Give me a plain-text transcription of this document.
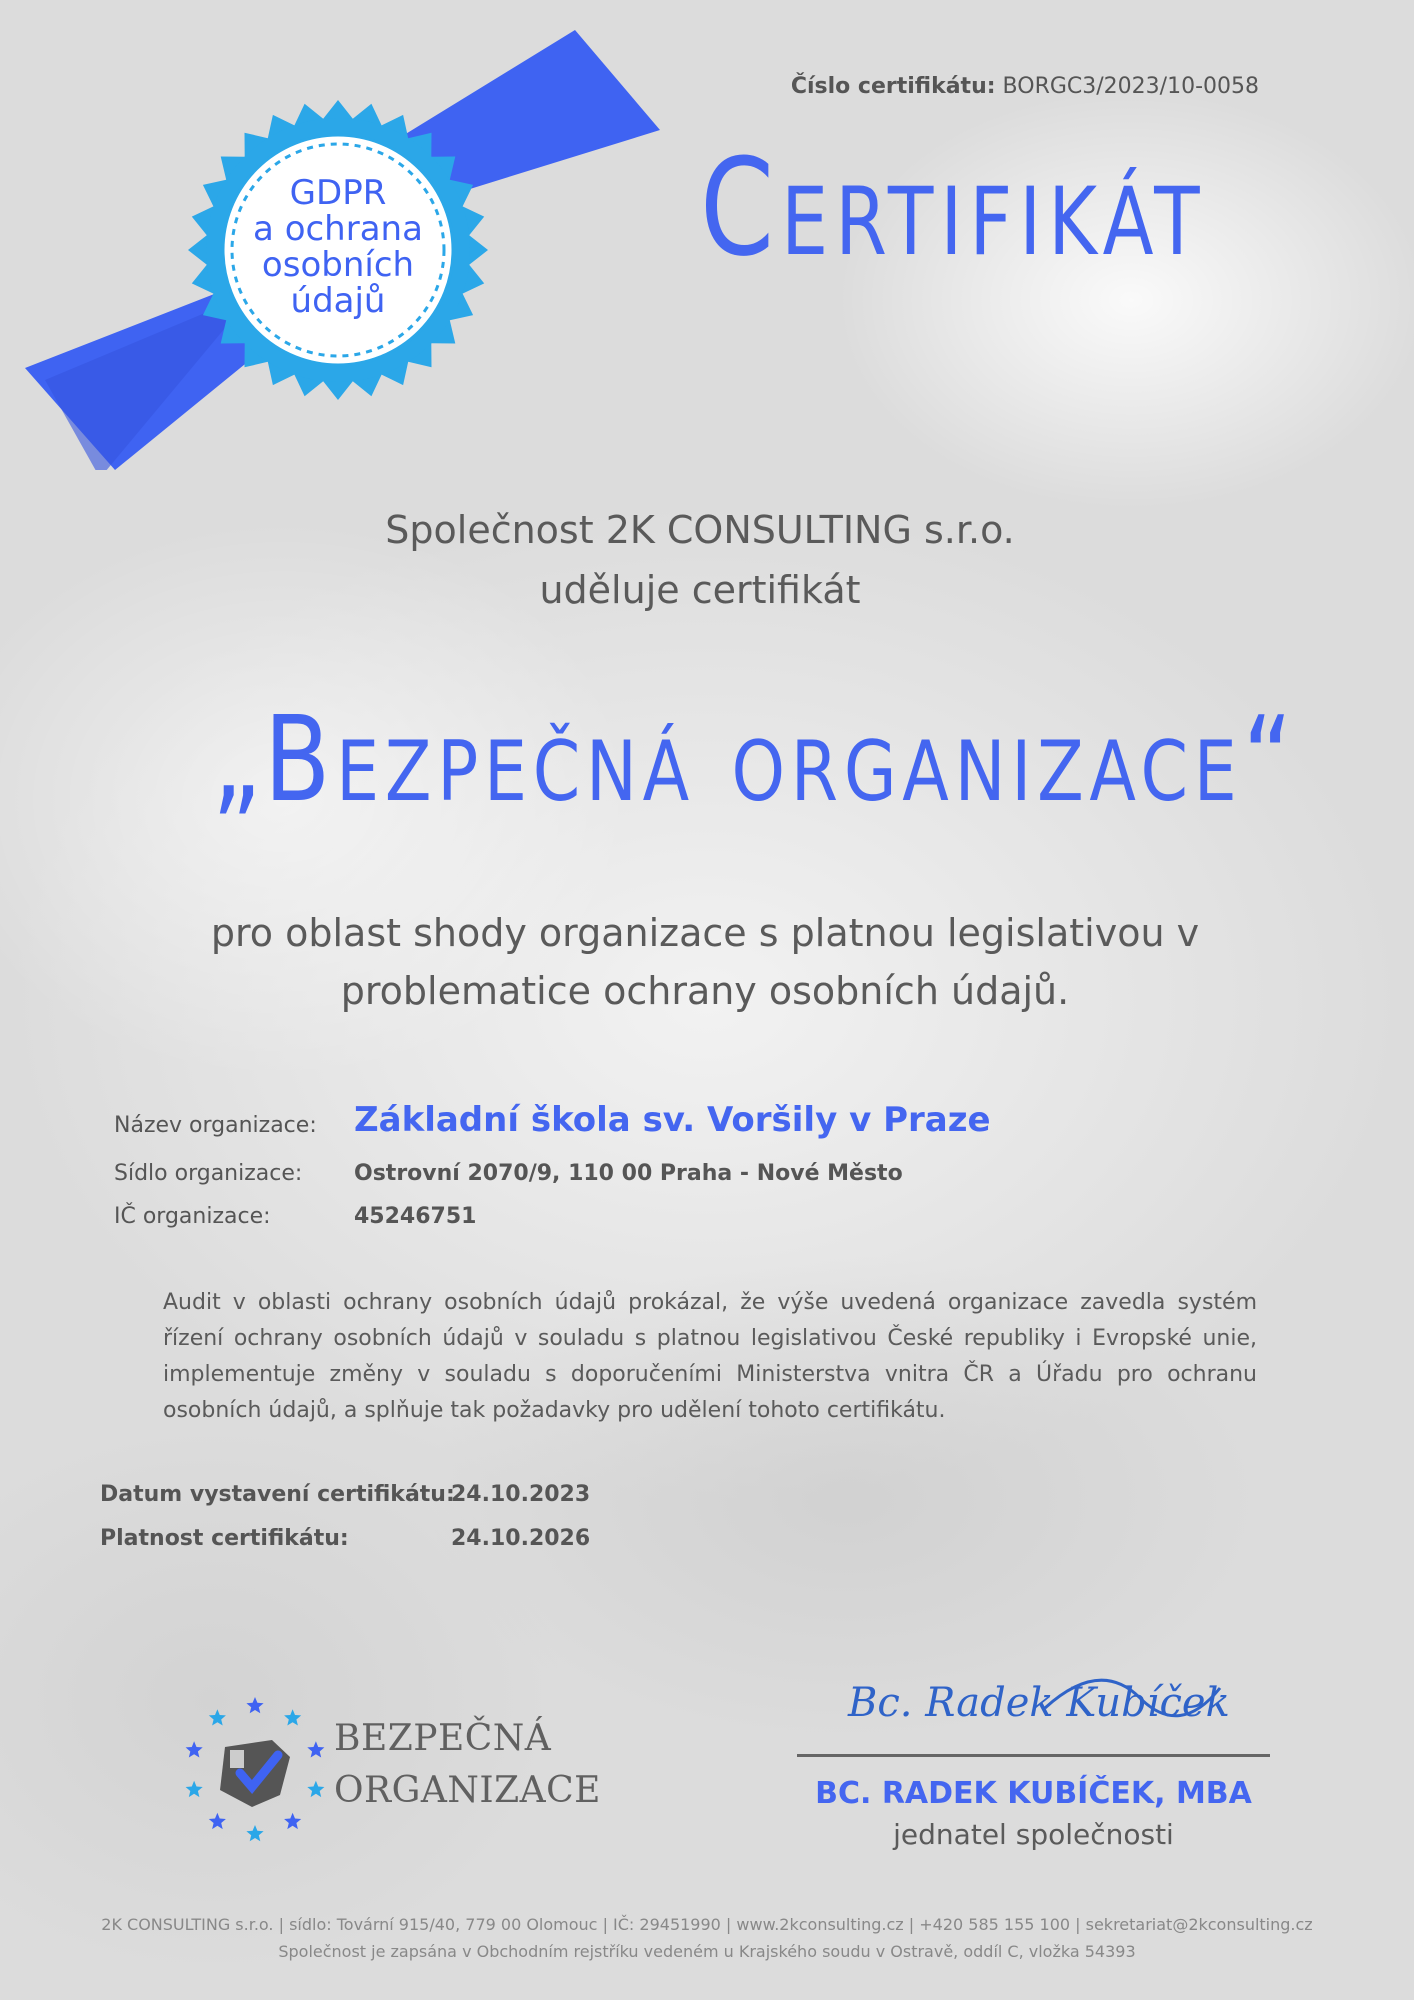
GDPR
a ochrana
osobních
údajů
Číslo certifikátu: BORGC3/2023/10-0058
Certifikát
Společnost 2K CONSULTING s.r.o.
uděluje certifikát
„Bezpečná organizace“
pro oblast shody organizace s platnou legislativou v
problematice ochrany osobních údajů.
Název organizace: Základní škola sv. Voršily v Praze
Sídlo organizace: Ostrovní 2070/9, 110 00 Praha - Nové Město
IČ organizace:	45246751
Audit v oblasti ochrany osobních údajů prokázal, že výše uvedená organizace zavedla systém řízení ochrany osobních údajů v souladu s platnou legislativou České republiky i Evropské unie, implementuje změny v souladu s doporučeními Ministerstva vnitra ČR a Úřadu pro ochranu osobních údajů, a splňuje tak požadavky pro udělení tohoto certifikátu.
Datum vystavení certifikátu:
24.10.2023
Platnost certifikátu:	24.10.2026
BEZPEČNÁ
ORGANIZACE
Bc. Radek Kubíček
BC. RADEK KUBÍČEK, MBA
jednatel společnosti
2K CONSULTING s.r.o. | sídlo: Tovární 915/40, 779 00 Olomouc | IČ: 29451990 | www.2kconsulting.cz | +420 585 155 100 | sekretariat@2kconsulting.cz
Společnost je zapsána v Obchodním rejstříku vedeném u Krajského soudu v Ostravě, oddíl C, vložka 54393
